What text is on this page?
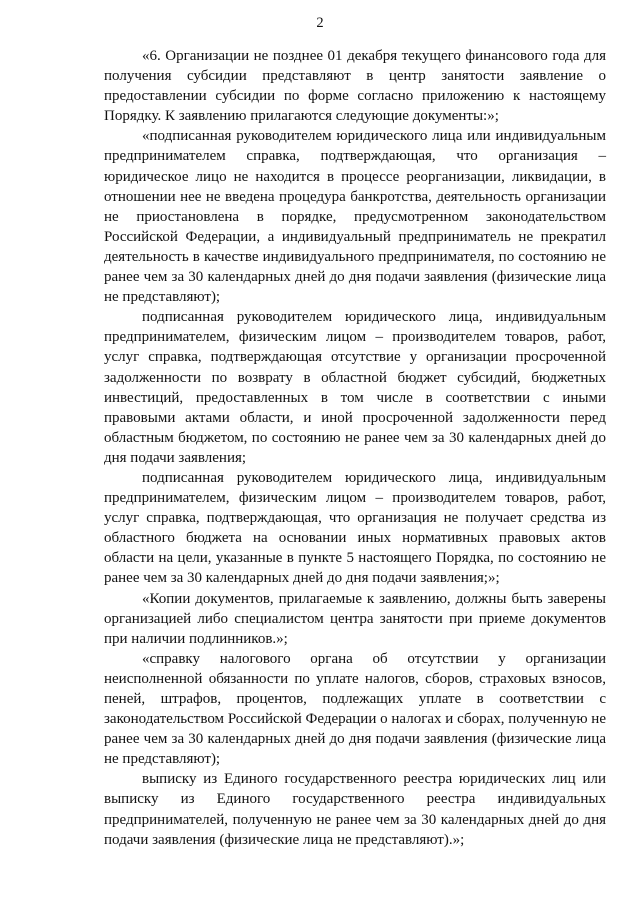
2

«6. Организации не позднее 01 декабря текущего финансового года для получения субсидии представляют в центр занятости заявление о предоставлении субсидии по форме согласно приложению к настоящему Порядку. К заявлению прилагаются следующие документы:»;

«подписанная руководителем юридического лица или индивидуальным предпринимателем справка, подтверждающая, что организация – юридическое лицо не находится в процессе реорганизации, ликвидации, в отношении нее не введена процедура банкротства, деятельность организации не приостановлена в порядке, предусмотренном законодательством Российской Федерации, а индивидуальный предприниматель не прекратил деятельность в качестве индивидуального предпринимателя, по состоянию не ранее чем за 30 календарных дней до дня подачи заявления (физические лица не представляют);

подписанная руководителем юридического лица, индивидуальным предпринимателем, физическим лицом – производителем товаров, работ, услуг справка, подтверждающая отсутствие у организации просроченной задолженности по возврату в областной бюджет субсидий, бюджетных инвестиций, предоставленных в том числе в соответствии с иными правовыми актами области, и иной просроченной задолженности перед областным бюджетом, по состоянию не ранее чем за 30 календарных дней до дня подачи заявления;

подписанная руководителем юридического лица, индивидуальным предпринимателем, физическим лицом – производителем товаров, работ, услуг справка, подтверждающая, что организация не получает средства из областного бюджета на основании иных нормативных правовых актов области на цели, указанные в пункте 5 настоящего Порядка, по состоянию не ранее чем за 30 календарных дней до дня подачи заявления;»;

«Копии документов, прилагаемые к заявлению, должны быть заверены организацией либо специалистом центра занятости при приеме документов при наличии подлинников.»;

«справку налогового органа об отсутствии у организации неисполненной обязанности по уплате налогов, сборов, страховых взносов, пеней, штрафов, процентов, подлежащих уплате в соответствии с законодательством Российской Федерации о налогах и сборах, полученную не ранее чем за 30 календарных дней до дня подачи заявления (физические лица не представляют);

выписку из Единого государственного реестра юридических лиц или выписку из Единого государственного реестра индивидуальных предпринимателей, полученную не ранее чем за 30 календарных дней до дня подачи заявления (физические лица не представляют).»;
